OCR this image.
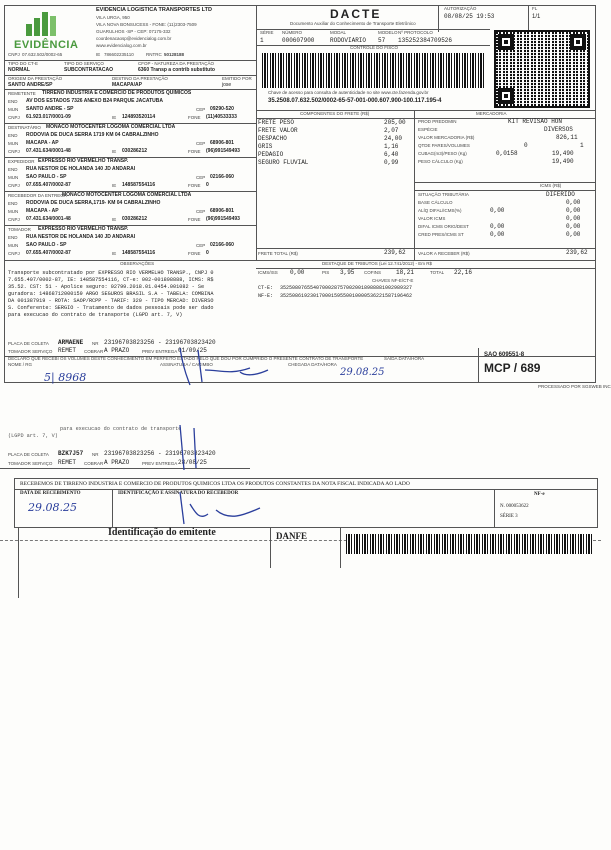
EVIDÊNCIA
EVIDENCIA LOGISTICA TRANSPORTES LTD
VILA URGA, 950
VILA NOVA BONSUCESS - FONE: (11)2303-7509
GUARULHOS -SP - CEP: 07175-332
coordenacaosp@evidencialog.com.br
www.evidencialog.com.br
CNPJ 07.632.502/0002-65	IE 786602235110	RNTRC 50128188
TIPO DO CT-E
NORMAL
TIPO DO SERVIÇO
SUBCONTRATACAO
CFOP - NATUREZA DA PRESTAÇÃO
6360 Transp a contrib substituto
ORIGEM DA PRESTAÇÃO
SANTO ANDRE/SP
DESTINO DA PRESTAÇÃO
MACAPA/AP
EMITIDO POR
jose
DACTE
Documento Auxiliar do Conhecimento de Transporte Eletrônico
AUTORIZAÇÃO
08/08/25 19:53
FL
1/1
SÉRIE
1
NÚMERO
000607900
MODAL
RODOVIARIO
MODELO
57
Nº PROTOCOLO
135252384709526
CONTROLE DO FISCO
Chave de acesso para consulta de autenticidade no site www.cte.fazenda.gov.br
35.2508.07.632.502/0002-65-57-001-000.607.900-100.117.195-4
REMETENTE TIRRENO INDUSTRIA E COMERCIO DE PRODUTOS QUIMICOS
END AV DOS ESTADOS 7326 ANEXO B24 PARQUE JACATUBA
MUN SANTO ANDRE - SP	CEP 09290-520
CNPJ 61.923.017/0001-09	IE 124893520114	FONE (11)40533333
DESTINATÁRIO MONACO MOTOCENTER LOGOMA COMERCIAL LTDA
END RODOVIA DE DUCA SERRA 1719 KM 04 CABRALZINHO
MUN MACAPA - AP	CEP 68906-801
CNPJ 07.431.634/0001-48	IE 030286212	FONE (96)991549493
EXPEDIDOR EXPRESSO RIO VERMELHO TRANSP.
END RUA NESTOR DE HOLANDA 140 JD ANDARAI
MUN SAO PAULO - SP	CEP 02166-060
CNPJ 07.655.407/0002-87	IE 148587554116	FONE 0
RECEBEDOR DA ENTREGA
MONACO MOTOCENTER LOGOMA COMERCIAL LTDA
END RODOVIA DE DUCA SERRA,1719- KM 04 CABRALZINHO
MUN MACAPA - AP	CEP 68906-801
CNPJ 07.431.634/0001-48	IE 030286212	FONE (96)991549493
TOMADOR EXPRESSO RIO VERMELHO TRANSP.
END RUA NESTOR DE HOLANDA 140 JD ANDARAI
MUN SAO PAULO - SP	CEP 02166-060
CNPJ 07.655.407/0002-87	IE 148587554116	FONE 0
COMPONENTES DO FRETE (R$)
FRETE PESO	205,00
FRETE VALOR	2,07
DESPACHO	24,00
GRIS	1,16
PEDAGIO	6,40
SEGURO FLUVIAL	0,99
FRETE TOTAL (R$)	239,62
MERCADORIA
PROD PREDOMIN	KIT REVISAO HON
ESPÉCIE	DIVERSOS
VALOR MERCADORIA (R$)	826,11
QTDE PARES/VOLUMES	0	1
CUBAG(m3)/PESO (Kg)	0,0158	19,490
PESO CÁLCULO (Kg)	19,490
ICMS (R$)
SITUAÇÃO TRIBUTÁRIA	DIFERIDO
BASE CÁLCULO	0,00
ALÍQ DIFAL/ICMS(%)	0,00	0,00
VALOR ICMS	0,00
DIFAL ICMS ORIG/DEST	0,00	0,00
CRED PRES/ICMS ST	0,00	0,00
VALOR A RECEBER (R$)	239,62
OBSERVAÇÕES	DESTAQUE DE TRIBUTOS (Lei 12.741/2012) - Em R$
ICMS/ISS 0,00	PIS 3,95 COFINS 18,21	TOTAL 22,16
CHAVES NF-E/CT-E
CT-E: 35250807655407000287570020018988881002989327
NF-E: 35250861923017000159550010000536221587196462
Transporte subcontratado por EXPRESSO RIO VERMELHO TRANSP., CNPJ 0
7.655.407/0002-87, IE: 148587554116, CT-e: 002-001898888, ICMS: R$
35.52. CST: 51 - Apolice seguro: 02799.2018.01.0454.001082 - Se
guradora: 14868712000159 ARGO SEGUROS BRASIL S.A - TABELA: COMBINA
DA 001387919 - ROTA: SAOP/RCPP - TARIF: 320 - TIPO MERCAD: DIVERSO
S. Conferente: SERGIO - Tratamento de dados pessoais pode ser dado
para execucao do contrato de transporte (LGPD art. 7, V)
PLACA DE COLETA ARMAENE NR 23196703823256 - 23196703823420
TOMADOR SERVIÇO REMET COBRAR A PRAZO	PREV ENTREGA 01/09/25
DECLARO QUE RECEBI OS VOLUMES DESTE CONHECIMENTO EM PERFEITO ESTADO PELO QUE DOU POR CUMPRIDO O PRESENTE CONTRATO DE TRANSPORTE
NOME / RG	ASSINATURA / CARIMBO	CHEGADA DATA/HORA
SAÍDA DATA/HORA
5| 8968	29.08.25
SAO 609551-8
MCP / 689
PROCESSADO POR SGSWEB INC
para execucao do contrato de transporte
(LGPD art. 7, V)
PLACA DE COLETA BZK7J57 NR 23196703823256 - 23196703823420
TOMADOR SERVIÇO REMET COBRAR A PRAZO	PREV ENTREGA 28/08/25
RECEBEMOS DE TIRRENO INDUSTRIA E COMERCIO DE PRODUTOS QUIMICOS LTDA OS PRODUTOS CONSTANTES DA NOTA FISCAL INDICADA AO LADO
DATA DE RECEBIMENTO	IDENTIFICAÇÃO E ASSINATURA DO RECEBEDOR	NF-e
N. 000053622
SÉRIE 3
29.08.25
Identificação do emitente	DANFE
